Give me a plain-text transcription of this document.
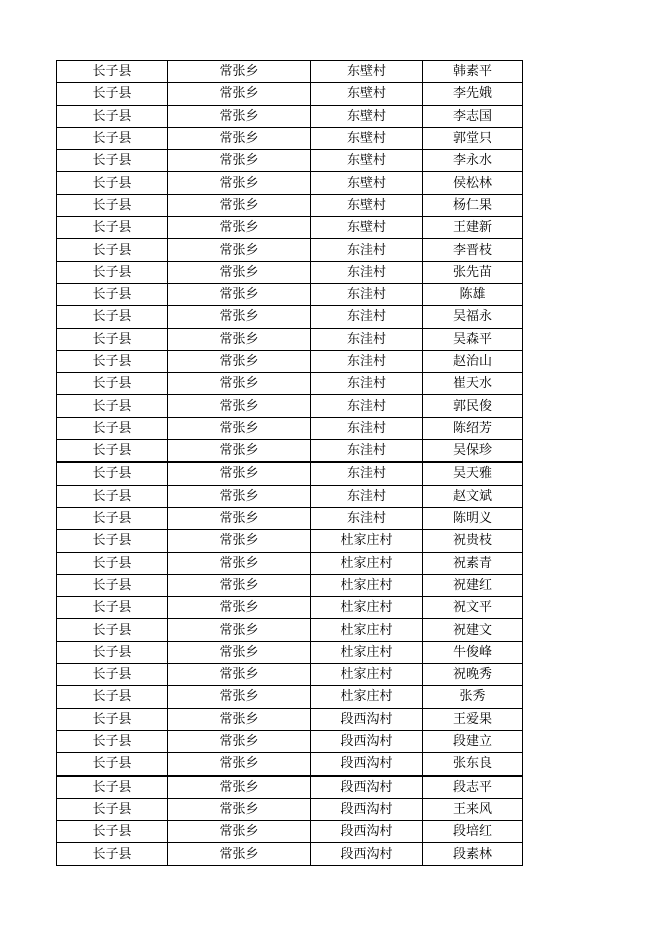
长子县	常张乡	东壁村	韩素平
长子县	常张乡	东壁村	李先娥
长子县	常张乡	东壁村	李志国
长子县	常张乡	东壁村	郭堂只
长子县	常张乡	东壁村	李永水
长子县	常张乡	东壁村	侯松林
长子县	常张乡	东壁村	杨仁果
长子县	常张乡	东壁村	王建新
长子县	常张乡	东洼村	李晋枝
长子县	常张乡	东洼村	张先苗
长子县	常张乡	东洼村	陈雄
长子县	常张乡	东洼村	吴福永
长子县	常张乡	东洼村	吴森平
长子县	常张乡	东洼村	赵治山
长子县	常张乡	东洼村	崔天水
长子县	常张乡	东洼村	郭民俊
长子县	常张乡	东洼村	陈绍芳
长子县	常张乡	东洼村	吴保珍
长子县	常张乡	东洼村	吴天雅
长子县	常张乡	东洼村	赵文斌
长子县	常张乡	东洼村	陈明义
长子县	常张乡	杜家庄村	祝贵枝
长子县	常张乡	杜家庄村	祝素青
长子县	常张乡	杜家庄村	祝建红
长子县	常张乡	杜家庄村	祝文平
长子县	常张乡	杜家庄村	祝建文
长子县	常张乡	杜家庄村	牛俊峰
长子县	常张乡	杜家庄村	祝晚秀
长子县	常张乡	杜家庄村	张秀
长子县	常张乡	段西沟村	王爱果
长子县	常张乡	段西沟村	段建立
长子县	常张乡	段西沟村	张东良
长子县	常张乡	段西沟村	段志平
长子县	常张乡	段西沟村	王来风
长子县	常张乡	段西沟村	段培红
长子县	常张乡	段西沟村	段素林
